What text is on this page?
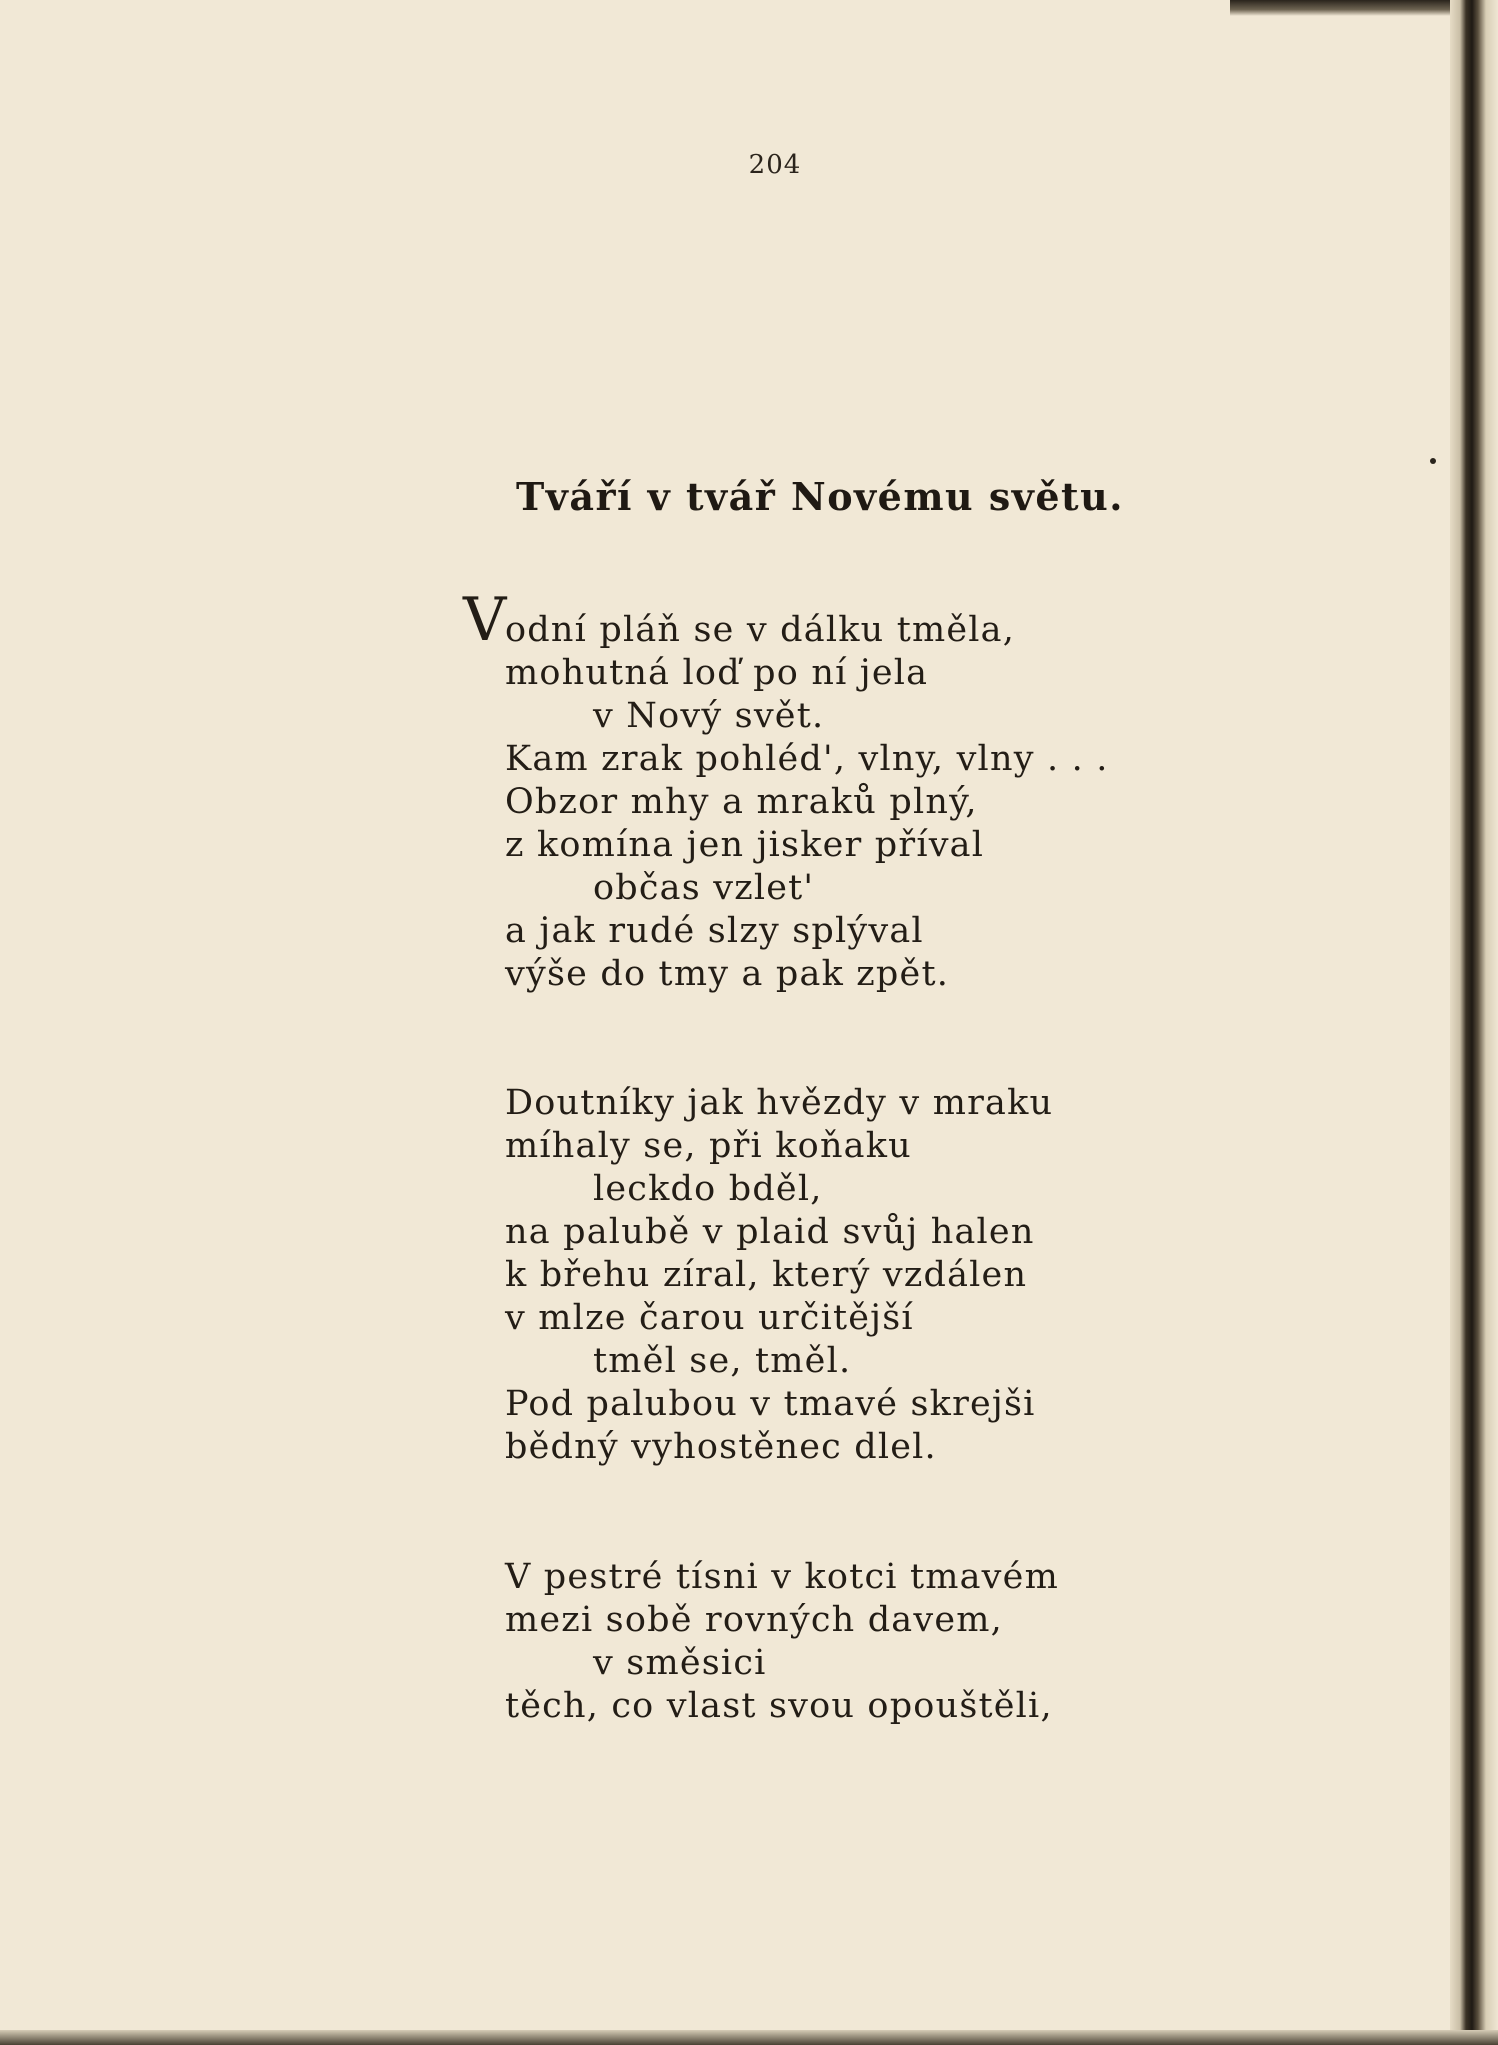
204
Tváří v tvář Novému světu.
V
odní pláň se v dálku tměla,
mohutná loď po ní jela
v Nový svět.
Kam zrak pohléd', vlny, vlny . . .
Obzor mhy a mraků plný,
z komína jen jisker příval
občas vzlet'
a jak rudé slzy splýval
výše do tmy a pak zpět.
Doutníky jak hvězdy v mraku
míhaly se, při koňaku
leckdo bděl,
na palubě v plaid svůj halen
k břehu zíral, který vzdálen
v mlze čarou určitější
tměl se, tměl.
Pod palubou v tmavé skrejši
bědný vyhostěnec dlel.
V pestré tísni v kotci tmavém
mezi sobě rovných davem,
v směsici
těch, co vlast svou opouštěli,
